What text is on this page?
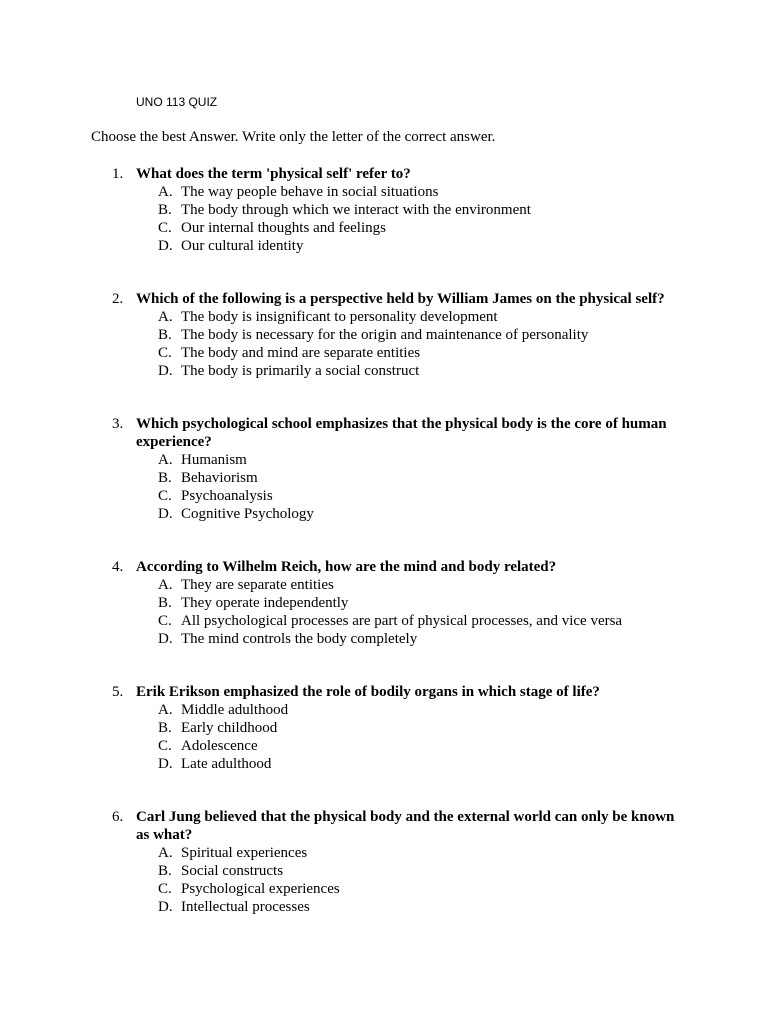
UNO 113 QUIZ
Choose the best Answer. Write only the letter of the correct answer.
1. What does the term 'physical self' refer to?
A. The way people behave in social situations
B. The body through which we interact with the environment
C. Our internal thoughts and feelings
D. Our cultural identity
2. Which of the following is a perspective held by William James on the physical self?
A. The body is insignificant to personality development
B. The body is necessary for the origin and maintenance of personality
C. The body and mind are separate entities
D. The body is primarily a social construct
3. Which psychological school emphasizes that the physical body is the core of human experience?
A. Humanism
B. Behaviorism
C. Psychoanalysis
D. Cognitive Psychology
4. According to Wilhelm Reich, how are the mind and body related?
A. They are separate entities
B. They operate independently
C. All psychological processes are part of physical processes, and vice versa
D. The mind controls the body completely
5. Erik Erikson emphasized the role of bodily organs in which stage of life?
A. Middle adulthood
B. Early childhood
C. Adolescence
D. Late adulthood
6. Carl Jung believed that the physical body and the external world can only be known as what?
A. Spiritual experiences
B. Social constructs
C. Psychological experiences
D. Intellectual processes
